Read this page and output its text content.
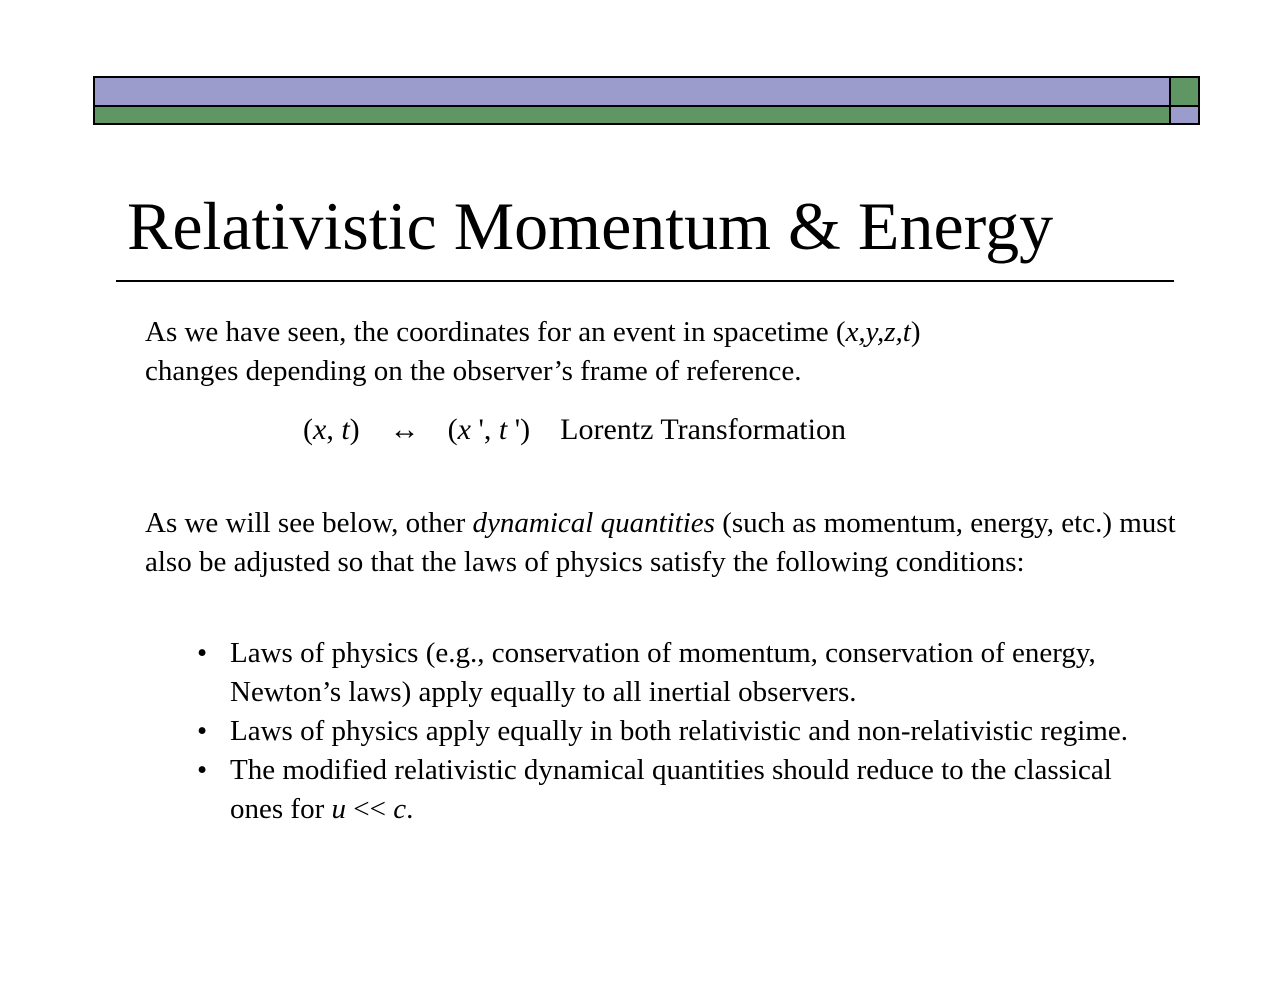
Relativistic Momentum & Energy

As we have seen, the coordinates for an event in spacetime (x,y,z,t)
changes depending on the observer’s frame of reference.

(x, t) ↔ (x ', t ') Lorentz Transformation

As we will see below, other dynamical quantities (such as momentum, energy, etc.) must also be adjusted so that the laws of physics satisfy the following conditions:

• Laws of physics (e.g., conservation of momentum, conservation of energy, Newton’s laws) apply equally to all inertial observers.
• Laws of physics apply equally in both relativistic and non-relativistic regime.
• The modified relativistic dynamical quantities should reduce to the classical ones for u << c.
